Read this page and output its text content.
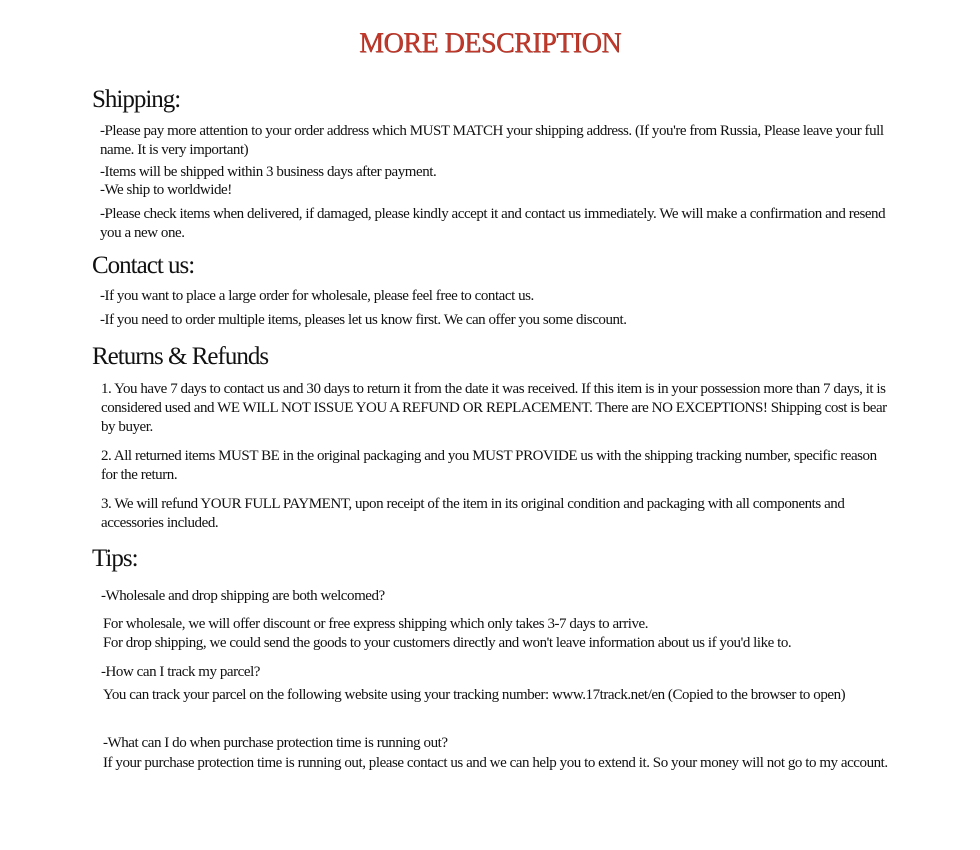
MORE DESCRIPTION
Shipping:

-Please pay more attention to your order address which MUST MATCH your shipping address. (If you're from Russia, Please leave your full name. It is very important)

-Items will be shipped within 3 business days after payment.

-We ship to worldwide!

-Please check items when delivered, if damaged, please kindly accept it and contact us immediately. We will make a confirmation and resend you a new one.

Contact us:

-If you want to place a large order for wholesale, please feel free to contact us.

-If you need to order multiple items, pleases let us know first. We can offer you some discount.

Returns & Refunds

1. You have 7 days to contact us and 30 days to return it from the date it was received. If this item is in your possession more than 7 days, it is considered used and WE WILL NOT ISSUE YOU A REFUND OR REPLACEMENT. There are NO EXCEPTIONS! Shipping cost is bear by buyer.

2. All returned items MUST BE in the original packaging and you MUST PROVIDE us with the shipping tracking number, specific reason for the return.

3. We will refund YOUR FULL PAYMENT, upon receipt of the item in its original condition and packaging with all components and accessories included.

Tips:

-Wholesale and drop shipping are both welcomed?

For wholesale, we will offer discount or free express shipping which only takes 3-7 days to arrive.

For drop shipping, we could send the goods to your customers directly and won't leave information about us if you'd like to.

-How can I track my parcel?

You can track your parcel on the following website using your tracking number: www.17track.net/en (Copied to the browser to open)

-What can I do when purchase protection time is running out?

If your purchase protection time is running out, please contact us and we can help you to extend it. So your money will not go to my account.
